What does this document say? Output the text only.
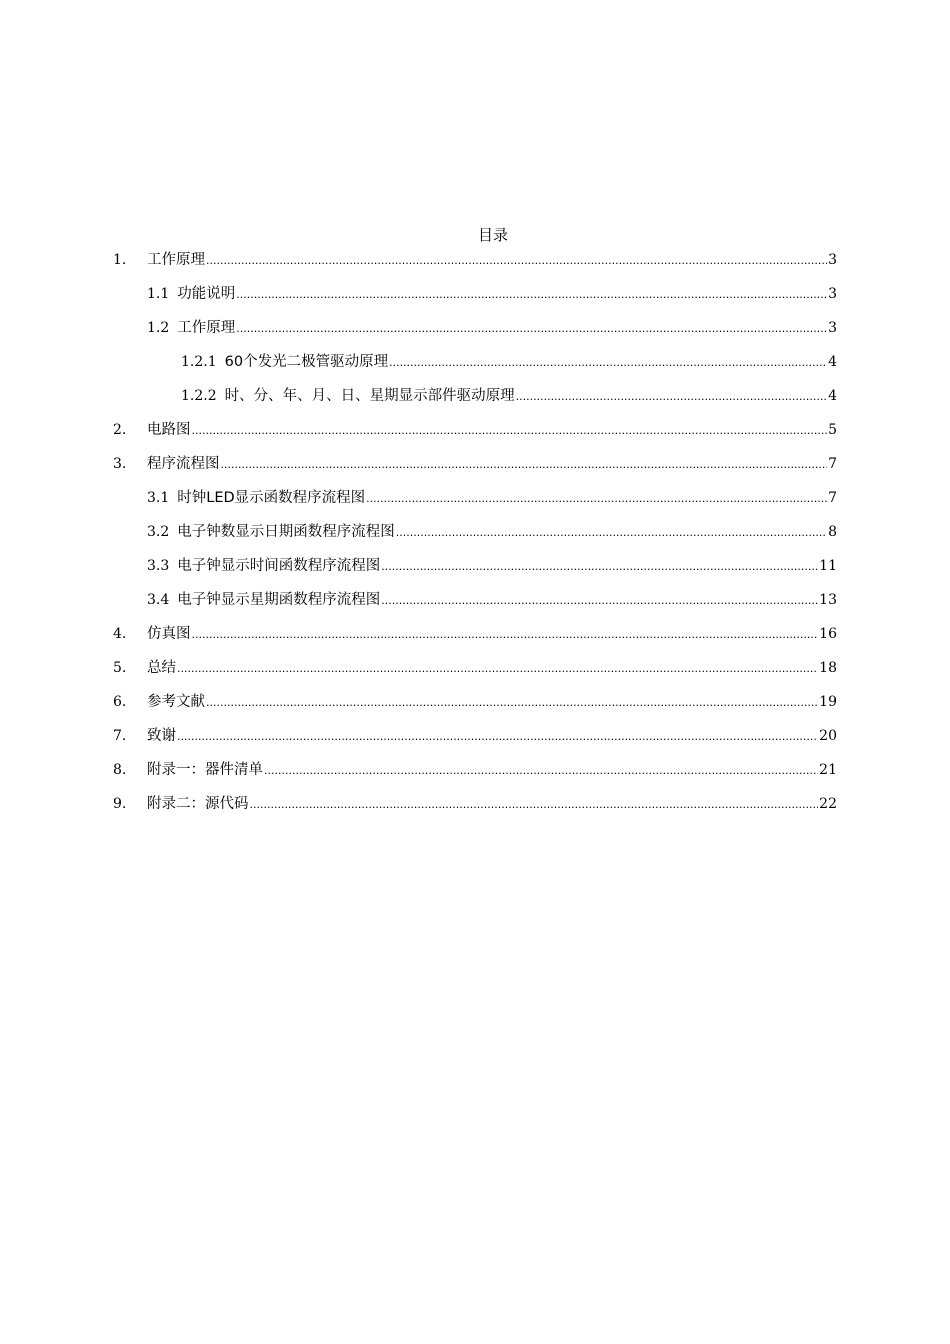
目录
1.	工作原理 .....	3
1.1 功能说明 .....	3
1.2 工作原理 .....	3
1.2.1 60个发光二极管驱动原理 .....	4
1.2.2 时、分、年、月、日、星期显示部件驱动原理 .....	4
2.	电路图 .....	5
3.	程序流程图 .....	7
3.1 时钟LED显示函数程序流程图 .....	7
3.2 电子钟数显示日期函数程序流程图 .....	8
3.3 电子钟显示时间函数程序流程图 .....	11
3.4 电子钟显示星期函数程序流程图 .....	13
4.	仿真图 .....	16
5.	总结 .....	18
6.	参考文献 .....	19
7.	致谢 .....	20
8.	附录一：器件清单 .....	21
9.	附录二：源代码 .....	22
